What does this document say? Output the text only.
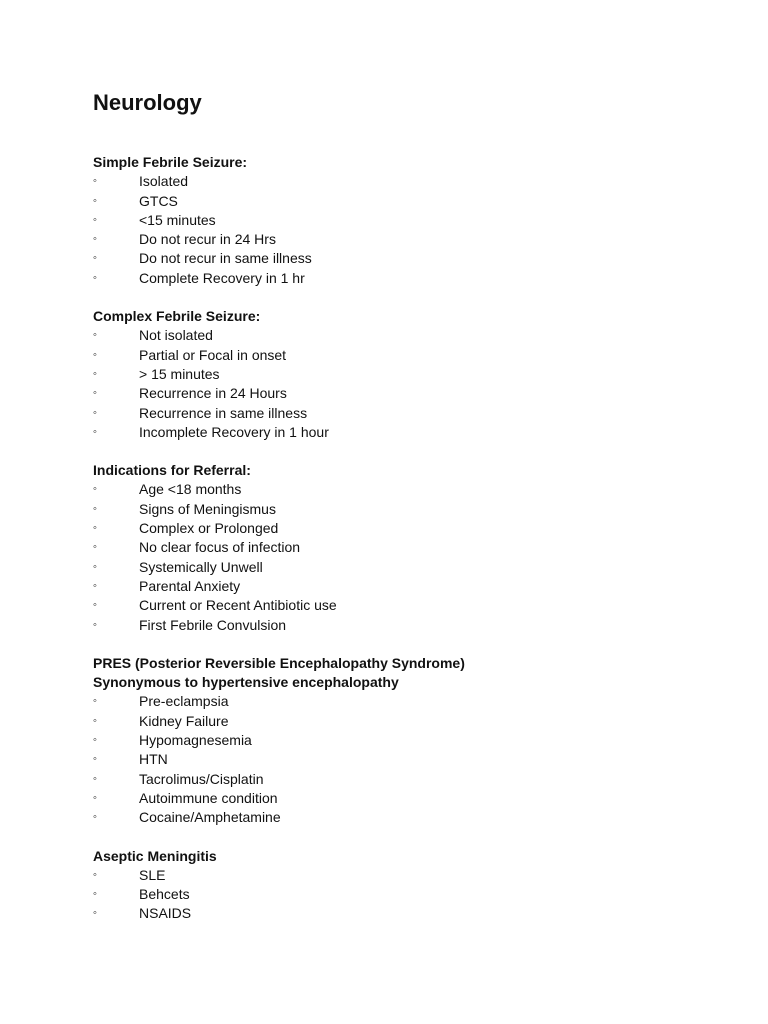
Neurology
Simple Febrile Seizure:
◦	Isolated
◦	GTCS
◦	<15 minutes
◦	Do not recur in 24 Hrs
◦	Do not recur in same illness
◦	Complete Recovery in 1 hr
Complex Febrile Seizure:
◦	Not isolated
◦	Partial or Focal in onset
◦	> 15 minutes
◦	Recurrence in 24 Hours
◦	Recurrence in same illness
◦	Incomplete Recovery in 1 hour
Indications for Referral:
◦	Age <18 months
◦	Signs of Meningismus
◦	Complex or Prolonged
◦	No clear focus of infection
◦	Systemically Unwell
◦	Parental Anxiety
◦	Current or Recent Antibiotic use
◦	First Febrile Convulsion
PRES (Posterior Reversible Encephalopathy Syndrome)
Synonymous to hypertensive encephalopathy
◦	Pre-eclampsia
◦	Kidney Failure
◦	Hypomagnesemia
◦	HTN
◦	Tacrolimus/Cisplatin
◦	Autoimmune condition
◦	Cocaine/Amphetamine
Aseptic Meningitis
◦	SLE
◦	Behcets
◦	NSAIDS
